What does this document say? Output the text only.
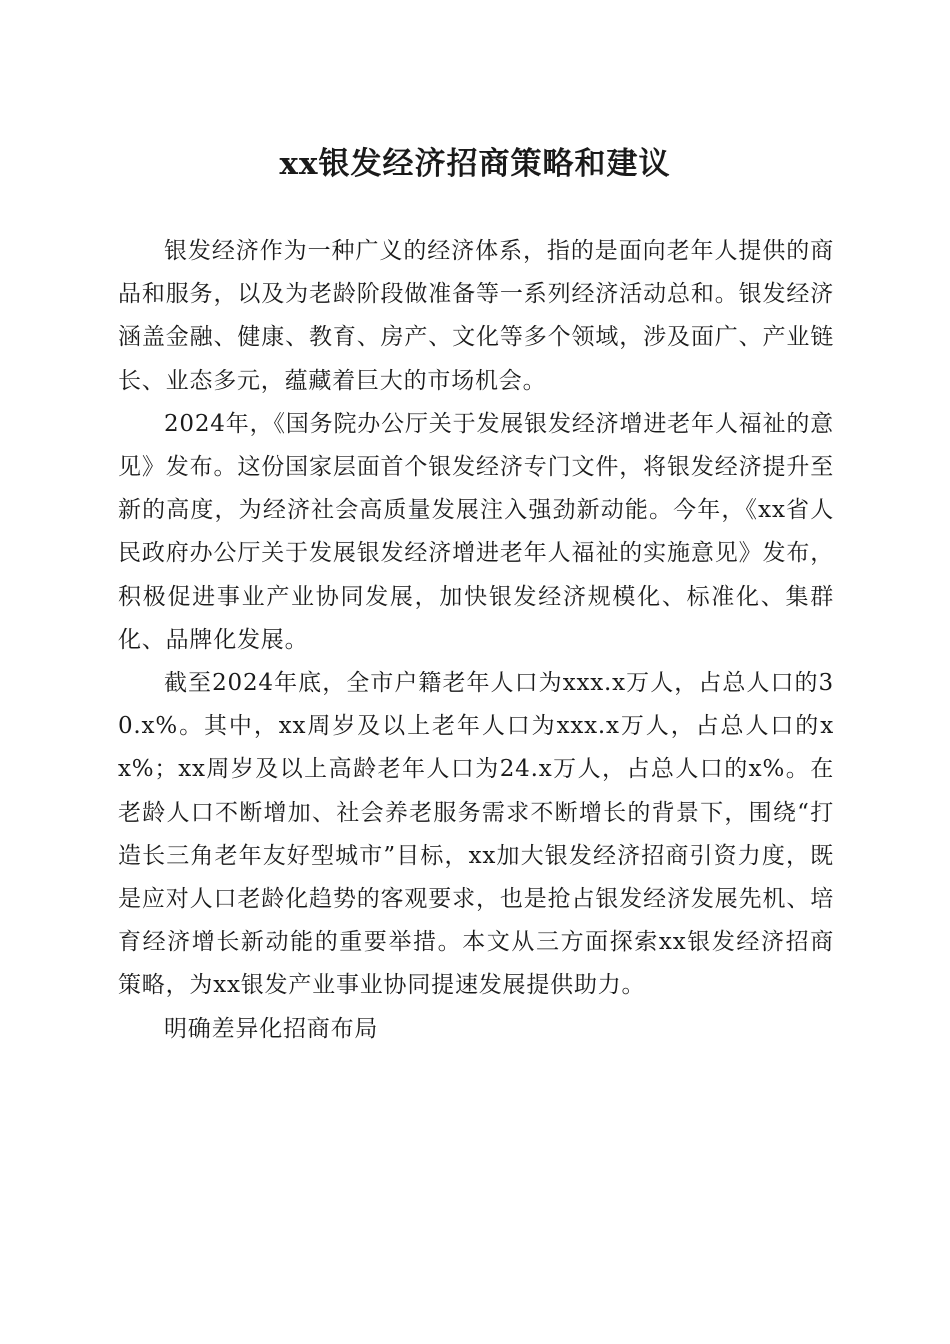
xx银发经济招商策略和建议

银发经济作为一种广义的经济体系，指的是面向老年人提供的商品和服务，以及为老龄阶段做准备等一系列经济活动总和。银发经济涵盖金融、健康、教育、房产、文化等多个领域，涉及面广、产业链长、业态多元，蕴藏着巨大的市场机会。

2024年，《国务院办公厅关于发展银发经济增进老年人福祉的意见》发布。这份国家层面首个银发经济专门文件，将银发经济提升至新的高度，为经济社会高质量发展注入强劲新动能。今年，《xx省人民政府办公厅关于发展银发经济增进老年人福祉的实施意见》发布，积极促进事业产业协同发展，加快银发经济规模化、标准化、集群化、品牌化发展。

截至2024年底，全市户籍老年人口为xxx.x万人，占总人口的30.x%。其中，xx周岁及以上老年人口为xxx.x万人，占总人口的xx%；xx周岁及以上高龄老年人口为24.x万人，占总人口的x%。在老龄人口不断增加、社会养老服务需求不断增长的背景下，围绕“打造长三角老年友好型城市”目标，xx加大银发经济招商引资力度，既是应对人口老龄化趋势的客观要求，也是抢占银发经济发展先机、培育经济增长新动能的重要举措。本文从三方面探索xx银发经济招商策略，为xx银发产业事业协同提速发展提供助力。

明确差异化招商布局
